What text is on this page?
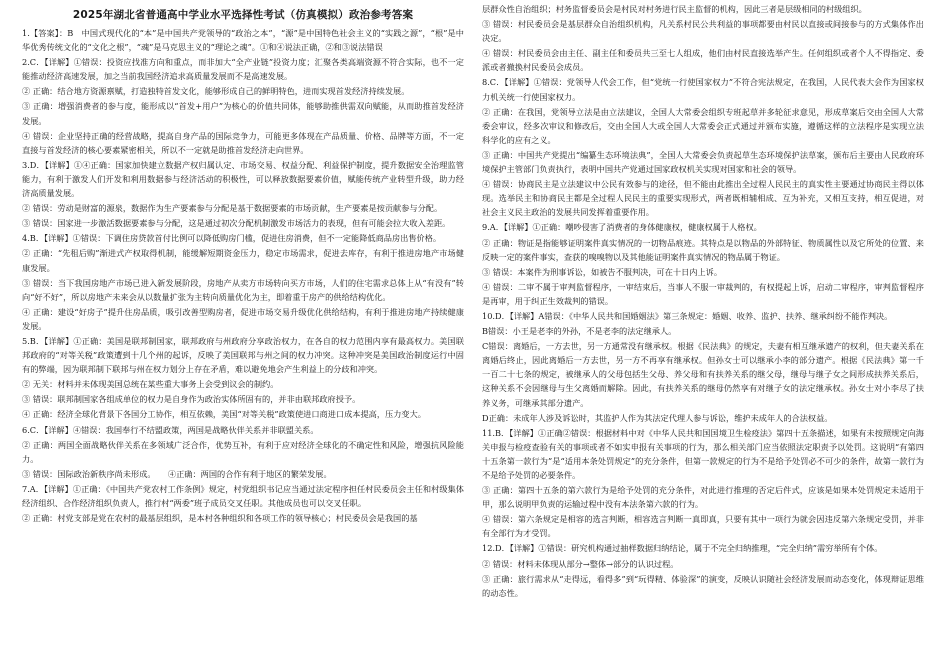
2025年湖北省普通高中学业水平选择性考试（仿真模拟）政治参考答案

1.【答案】：B　中国式现代化的“本”是中国共产党领导的“政治之本”，“源”是中国特色社会主义的“实践之源”，“根”是中华优秀传统文化的“文化之根”，“魂”是马克思主义的“理论之魂”。①和④说法正确，②和③说法错误

2.C．【详解】①错误：投资应找准方向和重点，而非加大“全产业链”投资力度；汇聚各类高端资源不符合实际，也不一定能推动经济高速发展，加之当前我国经济追求高质量发展而不是高速发展。

② 正确：结合地方资源禀赋，打造独特首发文化，能够形成自己的鲜明特色，进而实现首发经济持续发展。

③ 正确：增强消费者的参与度，能形成以“首发+用户”为核心的价值共同体，能够助推供需双向赋能，从而助推首发经济发展。

④ 错误：企业坚持正确的经营战略，提高自身产品的国际竞争力，可能更多体现在产品质量、价格、品牌等方面，不一定直接与首发经济的核心要素紧密相关，所以不一定就是助推首发经济走向世界。

3.D．【详解】①④正确：国家加快建立数据产权归属认定、市场交易、权益分配、利益保护制度，提升数据安全治理监管能力，有利于激发人们开发和利用数据参与经济活动的积极性，可以释放数据要素价值，赋能传统产业转型升级，助力经济高质量发展。

② 错误：劳动是财富的源泉，数据作为生产要素参与分配是基于数据要素的市场贡献，生产要素是按贡献参与分配。

③ 错误：国家进一步激活数据要素参与分配，这是通过初次分配机制激发市场活力的表现，但有可能会拉大收入差距。

4.B．【详解】①错误：下调住房贷款首付比例可以降低购房门槛，促进住房消费，但不一定能降低商品房出售价格。

② 正确：“先租后购”渐进式产权取得机制，能缓解短期资金压力，稳定市场需求，促进去库存，有利于推进房地产市场健康发展。

③ 错误：当下我国房地产市场已进入新发展阶段，房地产从卖方市场转向买方市场，人们的住宅需求总体上从“有没有”转向“好不好”，所以房地产未来会从以数量扩张为主转向质量优化为主，即着重于房产的供给结构优化。

④ 正确：建设“好房子”提升住房品质，吸引改善型购房者，促进市场交易升级优化供给结构，有利于推进房地产持续健康发展。

5.B．【详解】①正确：美国是联邦制国家，联邦政府与州政府分享政治权力，在各自的权力范围内享有最高权力。美国联邦政府的“对等关税”政策遭到十几个州的起诉，反映了美国联邦与州之间的权力冲突。这种冲突是美国政治制度运行中固有的弊端，因为联邦制下联邦与州在权力划分上存在矛盾，难以避免地会产生利益上的分歧和冲突。

② 无关：材料并未体现美国总统在某些重大事务上会受到议会的制约。

③ 错误：联邦制国家各组成单位的权力是自身作为政治实体所固有的，并非由联邦政府授予。

④ 正确：经济全球化背景下各国分工协作，相互依赖，美国“对等关税”政策使进口商进口成本提高，压力变大。

6.C．【详解】④错误：我国奉行不结盟政策，两国是战略伙伴关系并非联盟关系。

② 正确：两国全面战略伙伴关系在多领域广泛合作，优势互补，有利于应对经济全球化的不确定性和风险，增强抗风险能力。

③ 错误：国际政治新秩序尚未形成。　　④正确：两国的合作有利于地区的繁荣发展。

7.A．【详解】①正确：《中国共产党农村工作条例》规定，村党组织书记应当通过法定程序担任村民委员会主任和村级集体经济组织、合作经济组织负责人，推行村“两委”班子成员交叉任职。其他成员也可以交叉任职。

② 正确：村党支部是党在农村的最基层组织，是本村各种组织和各项工作的领导核心；村民委员会是我国的基

层群众性自治组织；村务监督委员会是村民对村务进行民主监督的机构，因此三者是层级相同的村级组织。

③ 错误：村民委员会是基层群众自治组织机构，凡关系村民公共利益的事项都要由村民以直接或间接参与的方式集体作出决定。

④ 错误：村民委员会由主任、副主任和委员共三至七人组成，他们由村民直接选举产生。任何组织或者个人不得指定、委派或者撤换村民委员会成员。

8.C．【详解】①错误：党领导人代会工作，但“党统一行使国家权力”不符合宪法规定，在我国，人民代表大会作为国家权力机关统一行使国家权力。

② 正确：在我国，党领导立法是由立法建议，全国人大常委会组织专班起草并多轮征求意见，形成草案后交由全国人大常委会审议，经多次审议和修改后，交由全国人大或全国人大常委会正式通过并颁布实施，遵循这样的立法程序是实现立法科学化的应有之义。

③ 正确：中国共产党提出“编纂生态环境法典”，全国人大常委会负责起草生态环境保护法草案，颁布后主要由人民政府环境保护主管部门负责执行，表明中国共产党通过国家政权机关实现对国家和社会的领导。

④ 错误：协商民主是立法建议中公民有效参与的途径，但不能由此推出全过程人民民主的真实性主要通过协商民主得以体现。选举民主和协商民主都是全过程人民民主的重要实现形式，两者既相辅相成、互为补充，又相互支持，相互促进，对社会主义民主政治的发展共同发挥着重要作用。

9.A．【详解】①正确：嘲吵侵害了消费者的身体健康权，健康权属于人格权。

② 正确：物证是指能够证明案件真实情况的一切物品痕迹。其特点是以物品的外部特征、物质属性以及它所处的位置、来反映一定的案件事实，查获的嗅嗅物以及其他能证明案件真实情况的物品属于物证。

③ 错误：本案件为刑事诉讼，如被告不服判决，可在十日内上诉。

④ 错误：二审不属于审判监督程序，一审结束后，当事人不服一审裁判的，有权提起上诉，启动二审程序，审判监督程序是再审，用于纠正生效裁判的错误。

10.D．【详解】A错误：《中华人民共和国婚姻法》第三条规定：婚姻、收养、监护、扶养、继承纠纷不能作判决。

B错误：小王是老李的外孙，不是老李的法定继承人。

C错误：离婚后，一方去世，另一方通常没有继承权。根据《民法典》的规定，夫妻有相互继承遗产的权利，但夫妻关系在离婚后终止，因此离婚后一方去世，另一方不再享有继承权。但孙女士可以继承小李的部分遗产。根据《民法典》第一千一百二十七条的规定，被继承人的父母包括生父母、养父母和有扶养关系的继父母，继母与继子女之间形成扶养关系后，这种关系不会因继母与生父离婚而解除。因此，有扶养关系的继母仍然享有对继子女的法定继承权。孙女士对小李尽了扶养义务，可继承其部分遗产。

D正确：未成年人涉及诉讼时，其监护人作为其法定代理人参与诉讼，维护未成年人的合法权益。

11.B．【详解】①正确②错误：根据材料中对《中华人民共和国国境卫生检疫法》第四十五条描述，如果有未按照规定向海关申报与检疫查验有关的事项或者不如实申报有关事项的行为，那么相关部门应当依照法定职责予以处罚。这说明“有第四十五条第一款行为”是“适用本条处罚规定”的充分条件，但第一款规定的行为不是给予处罚必不可少的条件，故第一款行为不是给予处罚的必要条件。

③ 正确：第四十五条的第六款行为是给予处罚的充分条件，对此进行推理的否定后件式，应该是如果本处罚规定未适用于甲，那么说明甲负责的运输过程中没有本法条第六款的行为。

④ 错误：第六条规定是相容的选言判断，相容选言判断一真即真，只要有其中一项行为就会因违反第六条规定受罚，并非有全部行为才受罚。

12.D．【详解】①错误：研究机构通过抽样数据归纳结论，属于不完全归纳推理，“完全归纳”需穷举所有个体。

② 错误：材料未体现从部分→整体→部分的认识过程。

③ 正确：旅行需求从“走得远，看得多”到“玩得精、体验深”的演变，反映认识随社会经济发展而动态变化，体现辩证思维的动态性。
